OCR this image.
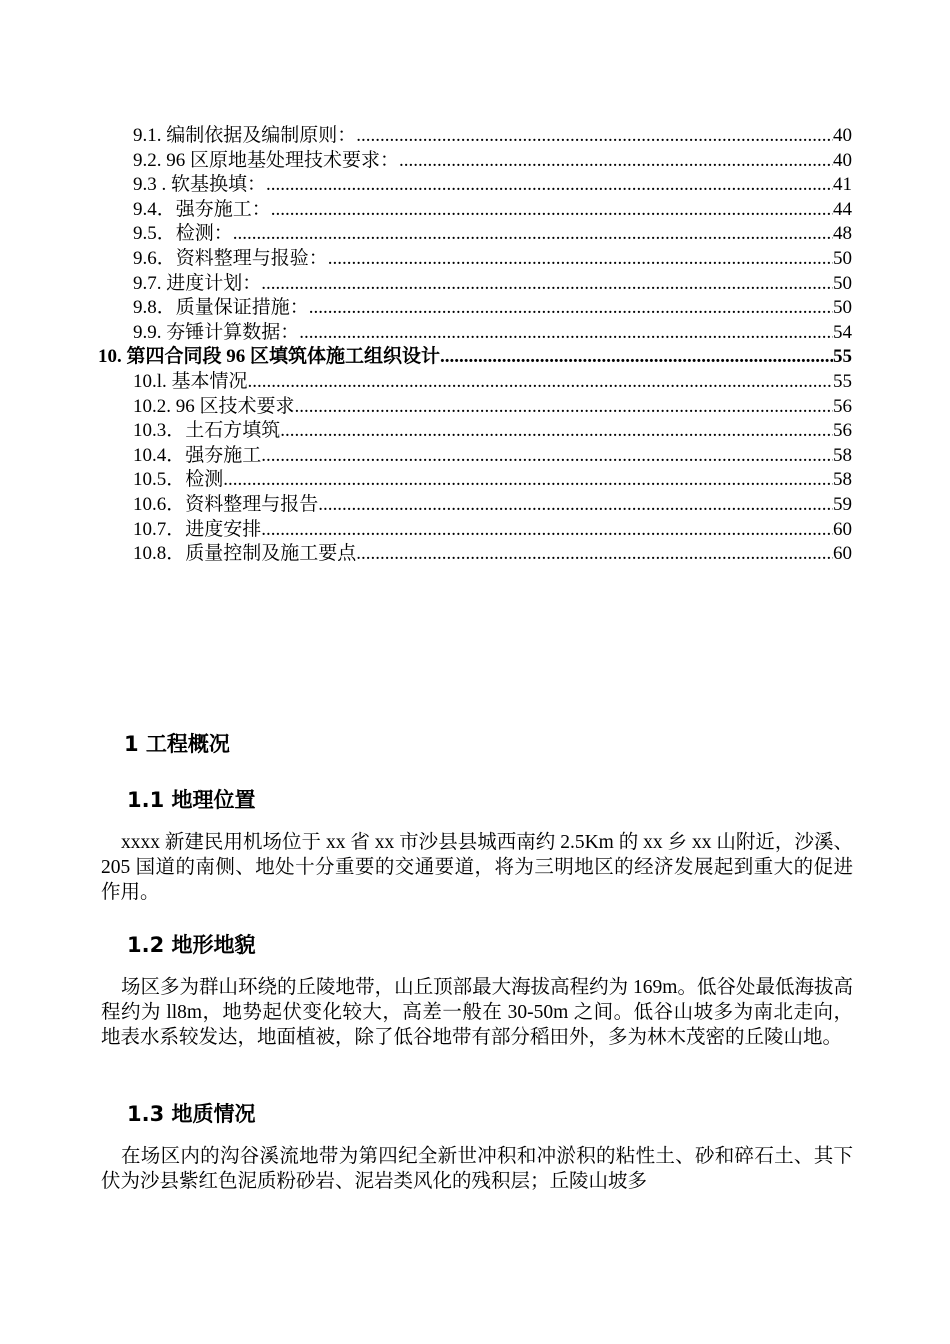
9.1. 编制依据及编制原则： .....	40
9.2. 96 区原地基处理技术要求： .....	40
9.3 . 软基换填： .....	41
9.4．强夯施工： .....	44
9.5．检测： .....	48
9.6．资料整理与报验： .....	50
9.7. 进度计划： .....	50
9.8．质量保证措施： .....	50
9.9. 夯锤计算数据： .....	54
10. 第四合同段 96 区填筑体施工组织设计 .....	55
10.l. 基本情况 .....	55
10.2. 96 区技术要求 .....	56
10.3．土石方填筑 .....	56
10.4．强夯施工 .....	58
10.5．检测 .....	58
10.6．资料整理与报告 .....	59
10.7．进度安排 .....	60
10.8．质量控制及施工要点 .....	60
1 工程概况
1.1 地理位置
xxxx 新建民用机场位于 xx 省 xx 市沙县县城西南约 2.5Km 的 xx 乡 xx 山附近，沙溪、205 国道的南侧、地处十分重要的交通要道，将为三明地区的经济发展起到重大的促进作用。
1.2 地形地貌
场区多为群山环绕的丘陵地带，山丘顶部最大海拔高程约为 169m。低谷处最低海拔高程约为 ll8m，地势起伏变化较大，高差一般在 30-50m 之间。低谷山坡多为南北走向，地表水系较发达，地面植被，除了低谷地带有部分稻田外，多为林木茂密的丘陵山地。
1.3 地质情况
在场区内的沟谷溪流地带为第四纪全新世冲积和冲淤积的粘性土、砂和碎石土、其下伏为沙县紫红色泥质粉砂岩、泥岩类风化的残积层；丘陵山坡多
